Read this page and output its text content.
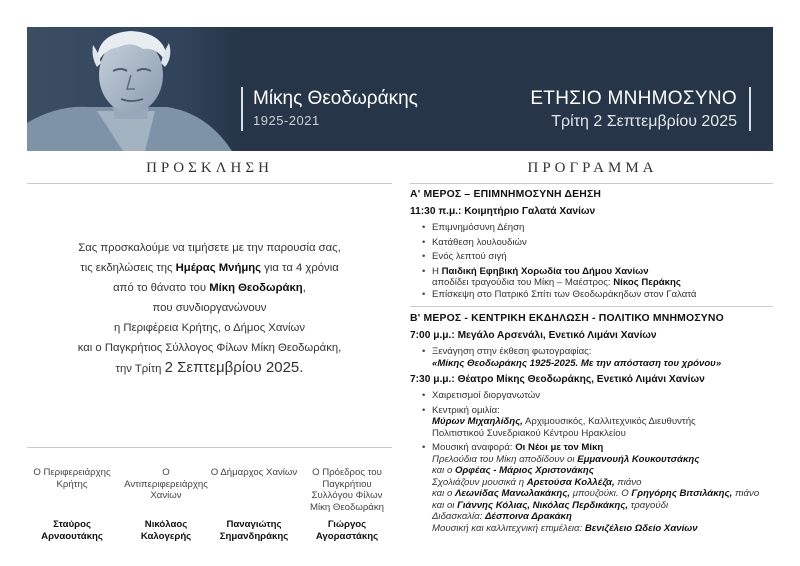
Μίκης Θεοδωράκης
1925-2021
ΕΤΗΣΙΟ ΜΝΗΜΟΣΥΝΟ
Τρίτη 2 Σεπτεμβρίου 2025
ΠΡΟΣΚΛΗΣΗ
Σας προσκαλούμε να τιμήσετε με την παρουσία σας,
τις εκδηλώσεις της Ημέρας Μνήμης για τα 4 χρόνια
από το θάνατο του Μίκη Θεοδωράκη,
που συνδιοργανώνουν
η Περιφέρεια Κρήτης, ο Δήμος Χανίων
και ο Παγκρήτιος Σύλλογος Φίλων Μίκη Θεοδωράκη,
την Τρίτη 2 Σεπτεμβρίου 2025.
Ο Περιφερειάρχης Κρήτης
Σταύρος Αρναουτάκης
Ο Αντιπεριφερειάρχης Χανίων
Νικόλαος Καλογερής
Ο Δήμαρχος Χανίων
Παναγιώτης Σημανδηράκης
Ο Πρόεδρος του Παγκρήτιου Συλλόγου Φίλων Μίκη Θεοδωράκη
Γιώργος Αγοραστάκης
ΠΡΟΓΡΑΜΜΑ
Α' ΜΕΡΟΣ – ΕΠΙΜΝΗΜΟΣΥΝΗ ΔΕΗΣΗ
11:30 π.μ.: Κοιμητήριο Γαλατά Χανίων
• Επιμνημόσυνη Δέηση
• Κατάθεση λουλουδιών
• Ενός λεπτού σιγή
• Η Παιδική Εφηβική Χορωδία του Δήμου Χανίων
αποδίδει τραγούδια του Μίκη – Μαέστρος: Νίκος Περάκης
• Επίσκεψη στο Πατρικό Σπίτι των Θεοδωράκηδων στον Γαλατά
Β' ΜΕΡΟΣ - ΚΕΝΤΡΙΚΗ ΕΚΔΗΛΩΣΗ - ΠΟΛΙΤΙΚΟ ΜΝΗΜΟΣΥΝΟ
7:00 μ.μ.: Μεγάλο Αρσενάλι, Ενετικό Λιμάνι Χανίων
• Ξενάγηση στην έκθεση φωτογραφίας:
«Μίκης Θεοδωράκης 1925-2025. Με την απόσταση του χρόνου»
7:30 μ.μ.: Θέατρο Μίκης Θεοδωράκης, Ενετικό Λιμάνι Χανίων
• Χαιρετισμοί διοργανωτών
• Κεντρική ομιλία:
Μύρων Μιχαηλίδης, Αρχιμουσικός, Καλλιτεχνικός Διευθυντής
Πολιτιστικού Συνεδριακού Κέντρου Ηρακλείου
• Μουσική αναφορά: Οι Νέοι με τον Μίκη
Πρελούδια του Μίκη αποδίδουν οι Εμμανουήλ Κουκουτσάκης
και ο Ορφέας - Μάριος Χριστονάκης
Σχολιάζουν μουσικά η Αρετούσα Κολλέζα, πιάνο
και ο Λεωνίδας Μανωλακάκης, μπουζούκι. Ο Γρηγόρης Βιτσιλάκης, πιάνο
και οι Γιάννης Κόλιας, Νικόλας Περδικάκης, τραγούδι
Διδασκαλία: Δέσποινα Δρακάκη
Μουσική και καλλιτεχνική επιμέλεια: Βενιζέλειο Ωδείο Χανίων
